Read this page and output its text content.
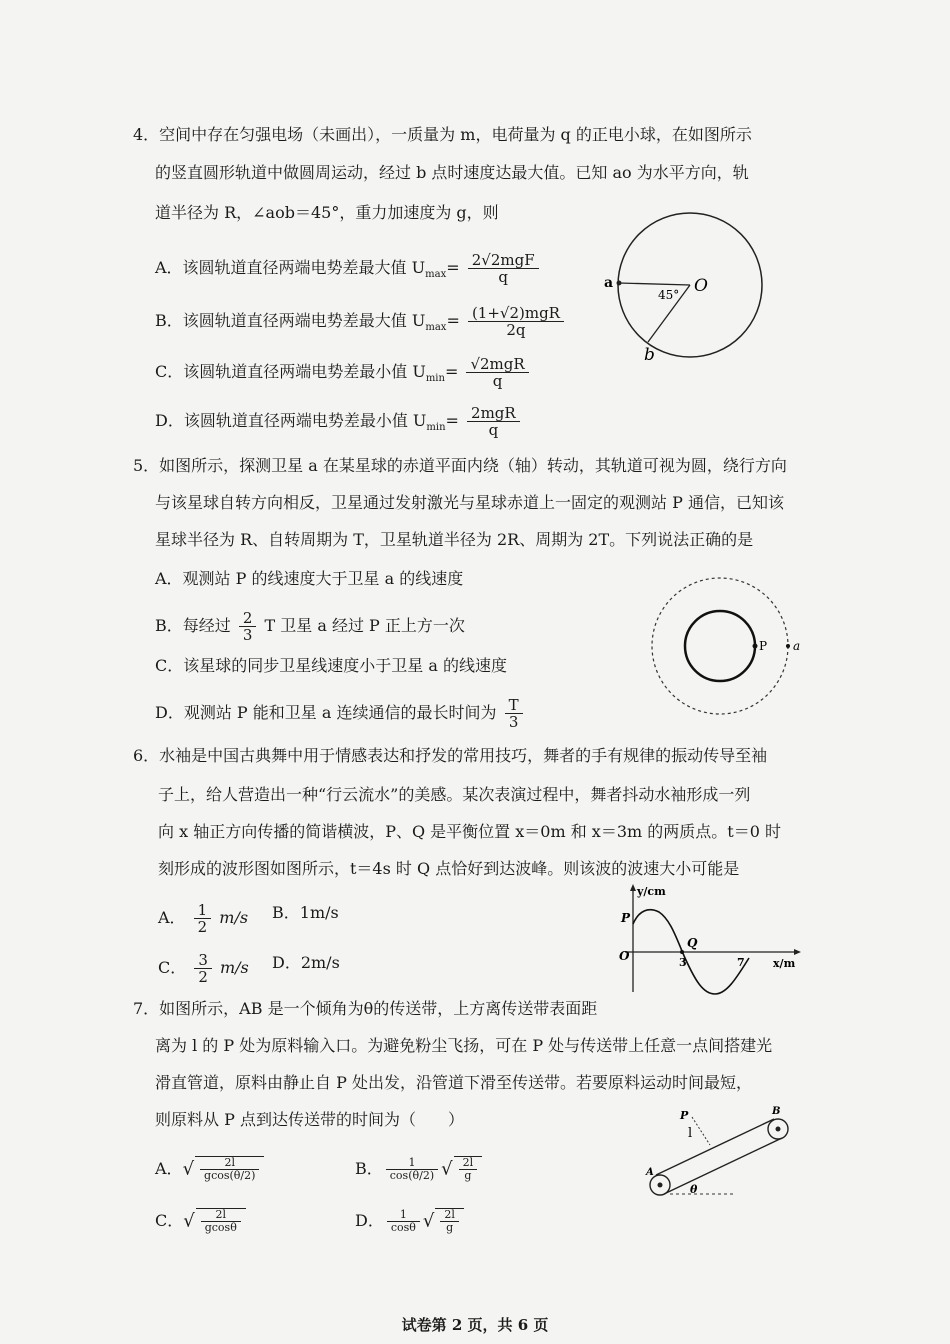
4．空间中存在匀强电场（未画出），一质量为 m，电荷量为 q 的正电小球，在如图所示
的竖直圆形轨道中做圆周运动，经过 b 点时速度达最大值。已知 ao 为水平方向，轨
道半径为 R，∠aob＝45°，重力加速度为 g，则
A．该圆轨道直径两端电势差最大值 $U_{max}= \frac{\text{2√2mgF}}{q}$
B．该圆轨道直径两端电势差最大值 $U_{max}= \frac{\text{(1+√2)mgR}}{2q}$
C．该圆轨道直径两端电势差最小值 $U_{min}= \frac{\text{√2mgR}}{q}$
D．该圆轨道直径两端电势差最小值 $U_{min}= \frac{\text{2mgR}}{q}$
a	O
b
45°
5．如图所示，探测卫星 a 在某星球的赤道平面内绕（轴）转动，其轨道可视为圆，绕行方向
与该星球自转方向相反，卫星通过发射激光与星球赤道上一固定的观测站 P 通信，已知该
星球半径为 R、自转周期为 T，卫星轨道半径为 2R、周期为 2T。下列说法正确的是
A．观测站 P 的线速度大于卫星 a 的线速度
B．每经过 $\frac{2}{3}$ T 卫星 a 经过 P 正上方一次
C．该星球的同步卫星线速度小于卫星 a 的线速度
D．观测站 P 能和卫星 a 连续通信的最长时间为 $\frac{T}{3}$
P a
6．水袖是中国古典舞中用于情感表达和抒发的常用技巧，舞者的手有规律的振动传导至袖
子上，给人营造出一种“行云流水”的美感。某次表演过程中，舞者抖动水袖形成一列
向 x 轴正方向传播的简谐横波，P、Q 是平衡位置 x＝0m 和 x＝3m 的两质点。t＝0 时
刻形成的波形图如图所示，t＝4s 时 Q 点恰好到达波峰。则该波的波速大小可能是
A． $\frac{1}{2} m/s$ B．1m/s
C． $\frac{3}{2} m/s$ D．2m/s
y/cm
x/m
P
Q
O	3	7
7．如图所示，AB 是一个倾角为θ的传送带，上方离传送带表面距
离为 l 的 P 处为原料输入口。为避免粉尘飞扬，可在 P 处与传送带上任意一点间搭建光
滑直管道，原料由静止自 P 处出发，沿管道下滑至传送带。若要原料运动时间最短，
则原料从 P 点到达传送带的时间为（　　）
A．√ $\frac{2l}{gcos(\theta/2)}$	B． $\frac{1}{\cos(\theta/2)}$ √ $\frac{2l}{g}$
C．√ $\frac{2l}{gcos\theta}$	D． $\frac{1}{\cos\theta}$ √ $\frac{2l}{g}$
P
l
A
B
θ
试卷第 2 页，共 6 页
